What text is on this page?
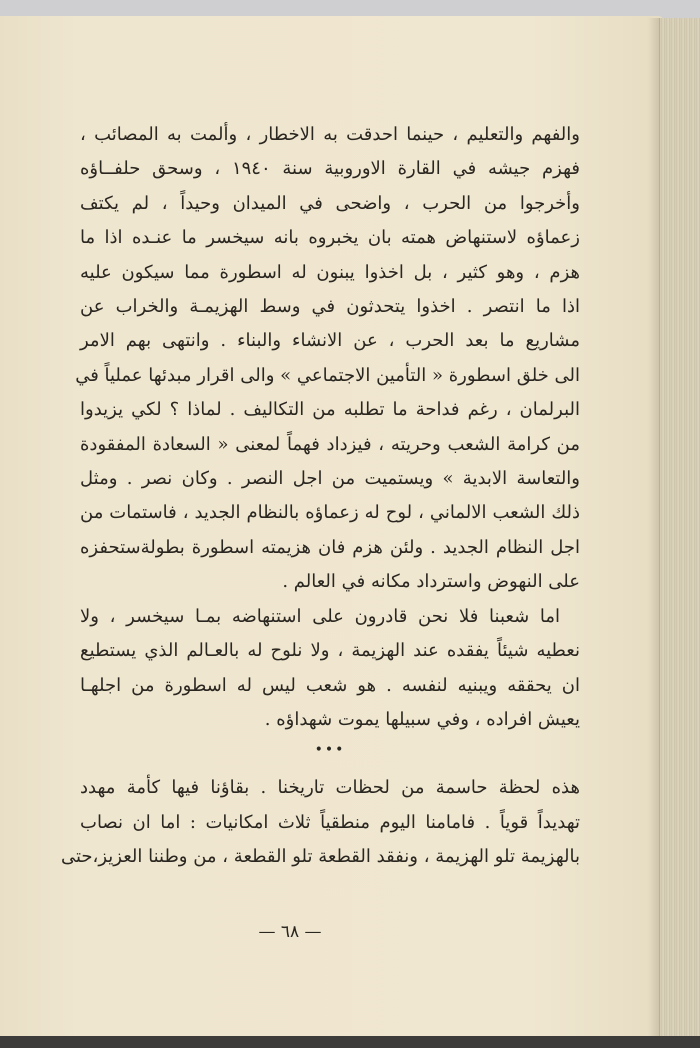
والفهم والتعليم ، حينما احدقت به الاخطار ، وألمت به المصائب ،
فهزم جيشه في القارة الاوروبية سنة ١٩٤٠ ، وسحق حلفــاؤه
وأخرجوا من الحرب ، واضحى في الميدان وحيداً ، لم يكتف
زعماؤه لاستنهاض همته بان يخبروه بانه سيخسر ما عنـده اذا ما
هزم ، وهو كثير ، بل اخذوا يبنون له اسطورة مما سيكون عليه
اذا ما انتصر . اخذوا يتحدثون في وسط الهزيمـة والخراب عن
مشاريع ما بعد الحرب ، عن الانشاء والبناء . وانتهى بهم الامر
الى خلق اسطورة « التأمين الاجتماعي » والى اقرار مبدئها عملياً في
البرلمان ، رغم فداحة ما تطلبه من التكاليف . لماذا ؟ لكي يزيدوا
من كرامة الشعب وحريته ، فيزداد فهماً لمعنى « السعادة المفقودة
والتعاسة الابدية » ويستميت من اجل النصر . وكان نصر . ومثل
ذلك الشعب الالماني ، لوح له زعماؤه بالنظام الجديد ، فاستمات من
اجل النظام الجديد . ولئن هزم فان هزيمته اسطورة بطولةستحفزه
على النهوض واسترداد مكانه في العالم .

اما شعبنا فلا نحن قادرون على استنهاضه بمـا سيخسر ، ولا
نعطيه شيئاً يفقده عند الهزيمة ، ولا نلوح له بالعـالم الذي يستطيع
ان يحققه ويبنيه لنفسه . هو شعب ليس له اسطورة من اجلهـا
يعيش افراده ، وفي سبيلها يموت شهداؤه .

•••

هذه لحظة حاسمة من لحظات تاريخنا . بقاؤنا فيها كأمة مهدد
تهديداً قوياً . فامامنا اليوم منطقياً ثلاث امكانيات : اما ان نصاب
بالهزيمة تلو الهزيمة ، ونفقد القطعة تلو القطعة ، من وطننا العزيز،حتى

— ٦٨ —
